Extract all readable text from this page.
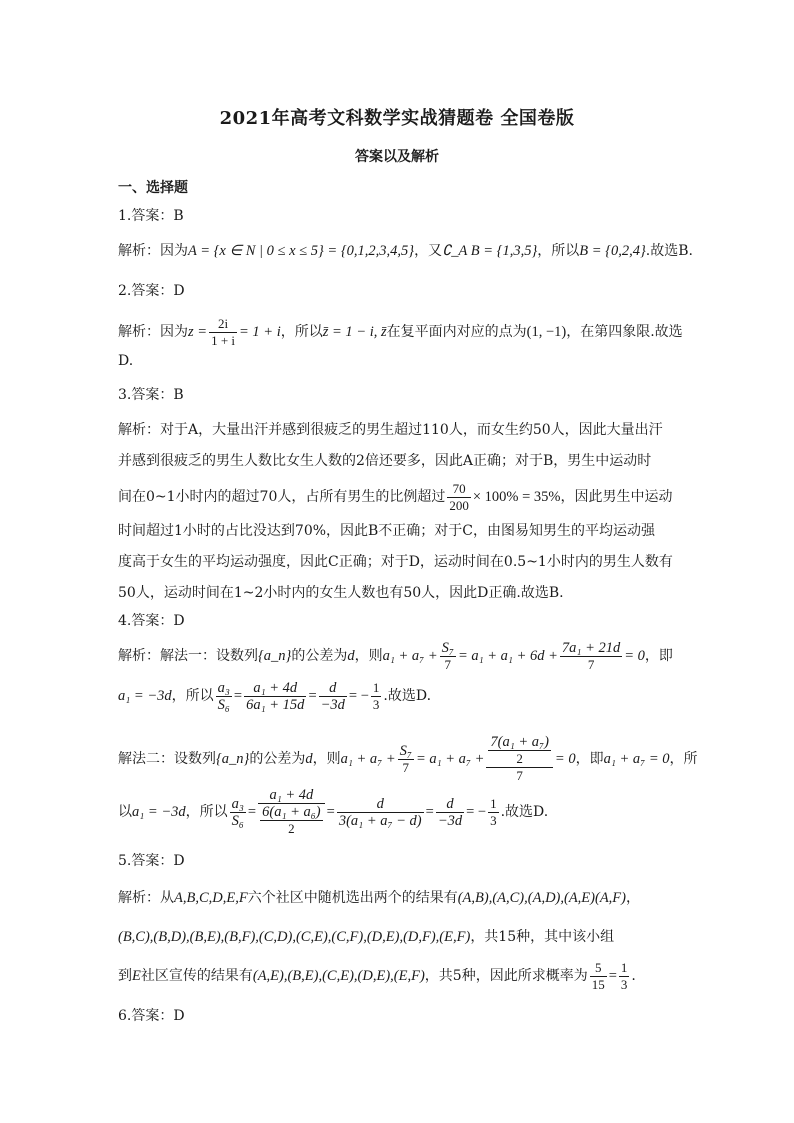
2021年高考文科数学实战猜题卷 全国卷版
答案以及解析
一、选择题
1.答案：B
解析：因为A = {x ∈ N | 0 ≤ x ≤ 5} = {0,1,2,3,4,5}，又∁_A B = {1,3,5}，所以B = {0,2,4}.故选B.
2.答案：D
解析：因为$z = \frac{2i}{1 + i} = 1 + i$，所以z̄ = 1 − i, z̄在复平面内对应的点为(1, −1)，在第四象限.故选
D.
3.答案：B
解析：对于A，大量出汗并感到很疲乏的男生超过110人，而女生约50人，因此大量出汗
并感到很疲乏的男生人数比女生人数的2倍还要多，因此A正确；对于B，男生中运动时
间在0~1小时内的超过70人，占所有男生的比例超过 $\frac{70}{200} \times 100\% = 35\%$，因此男生中运动
时间超过1小时的占比没达到70%，因此B不正确；对于C，由图易知男生的平均运动强
度高于女生的平均运动强度，因此C正确；对于D，运动时间在0.5~1小时内的男生人数有
50人，运动时间在1~2小时内的女生人数也有50人，因此D正确.故选B.
4.答案：D
解析：解法一：设数列{a_n}的公差为d，则$a_1 + a_7 + \frac{\text{S₇}}{7} = a_1 + a_1 + 6d + \frac{\text{7a₁ + 21d}}{7} = 0$，即
a₁ = −3d，所以 $\frac{\text{a₃}}{\text{S₆}} = \frac{\text{a₁ + 4d}}{\text{6a₁ + 15d}} = \frac{d}{-3d}$ = − $\frac{1}{3}$ .故选D.
解法二：设数列{a_n}的公差为d，则$a_1 + a_7 + \frac{\text{S₇}}{7} = a_1 + a_7 + \frac{\frac{\text{7(a₁ + a₇)}}{2}}{7} = 0$，即a₁ + a₇ = 0，所
以a₁ = −3d，所以 $\frac{\text{a₃}}{\text{S₆}} = \frac{\text{a₁ + 4d}}{\frac{\text{6(a₁ + a₆)}}{2}} = \frac{d}{\text{3(a₁ + a₇ − d)}} = \frac{d}{-3d}$ = − $\frac{1}{3}$ .故选D.
5.答案：D
解析：从A,B,C,D,E,F六个社区中随机选出两个的结果有(A,B),(A,C),(A,D),(A,E)(A,F)，
(B,C),(B,D),(B,E),(B,F),(C,D),(C,E),(C,F),(D,E),(D,F),(E,F)，共15种，其中该小组
到E社区宣传的结果有(A,E),(B,E),(C,E),(D,E),(E,F)，共5种，因此所求概率为 $\frac{5}{15} = \frac{1}{3}$ .
6.答案：D
